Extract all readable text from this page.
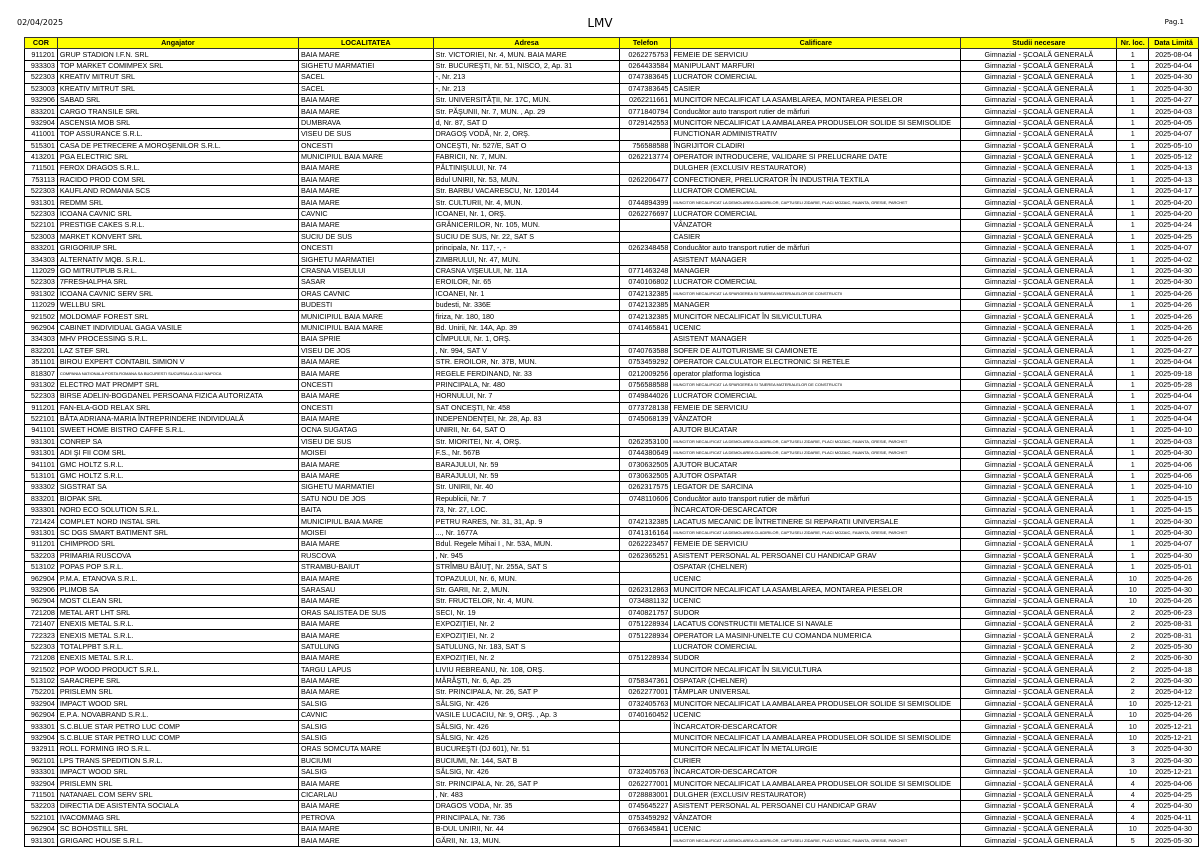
02/04/2025	LMV	Pag.1
COR	Angajator	LOCALITATEA	Adresa	Telefon	Calificare	Studii necesare	Nr. loc.	Data Limită
911201	GRUP STADION I.F.N. SRL	BAIA MARE	Str. VICTORIEI, Nr. 4, MUN. BAIA MARE	0262275753	FEMEIE DE SERVICIU	Gimnazial - ŞCOALĂ GENERALĂ	1	2025-08-04
933303	TOP MARKET COMIMPEX SRL	SIGHETU MARMATIEI	Str. BUCUREŞTI, Nr. 51, NISCO, 2, Ap. 31	0264433584	MANIPULANT MARFURI	Gimnazial - ŞCOALĂ GENERALĂ	1	2025-04-04
522303	KREATIV MITRUT SRL	SACEL	-, Nr. 213	0747383645	LUCRATOR COMERCIAL	Gimnazial - ŞCOALĂ GENERALĂ	1	2025-04-30
523003	KREATIV MITRUT SRL	SACEL	-, Nr. 213	0747383645	CASIER	Gimnazial - ŞCOALĂ GENERALĂ	1	2025-04-30
932906	SABAD SRL	BAIA MARE	Str. UNIVERSITĂŢII, Nr. 17C, MUN.	0262211661	MUNCITOR NECALIFICAT LA ASAMBLAREA, MONTAREA PIESELOR	Gimnazial - ŞCOALĂ GENERALĂ	1	2025-04-27
833201	CARGO TRANSILE SRL	BAIA MARE	Str. PĂŞUNII, Nr. 7, MUN. , Ap. 29	0771840794	Conducător auto transport rutier de mărfuri	Gimnazial - ŞCOALĂ GENERALĂ	1	2025-04-03
932904	ASCENSIA MOB SRL	DUMBRAVA	d, Nr. 87, SAT D	0729142553	MUNCITOR NECALIFICAT LA AMBALAREA PRODUSELOR SOLIDE SI SEMISOLIDE	Gimnazial - ŞCOALĂ GENERALĂ	1	2025-04-05
411001	TOP ASSURANCE S.R.L.	VISEU DE SUS	DRAGOŞ VODĂ, Nr. 2, ORŞ.		FUNCTIONAR ADMINISTRATIV	Gimnazial - ŞCOALĂ GENERALĂ	1	2025-04-07
515301	CASA DE PETRECERE A MOROŞENILOR S.R.L.	ONCESTI	ONCEŞTI, Nr. 527/E, SAT O	756588588	ÎNGRIJITOR CLADIRI	Gimnazial - ŞCOALĂ GENERALĂ	1	2025-05-10
413201	PGA ELECTRIC SRL	MUNICIPIUL BAIA MARE	FABRICII, Nr. 7, MUN.	0262213774	OPERATOR INTRODUCERE, VALIDARE SI PRELUCRARE DATE	Gimnazial - ŞCOALĂ GENERALĂ	1	2025-05-12
711501	FEROX DRAGOS S.R.L.	BAIA MARE	PĂLTINIŞULUI, Nr. 74		DULGHER (EXCLUSIV RESTAURATOR)	Gimnazial - ŞCOALĂ GENERALĂ	1	2025-04-13
753113	RACIDO PROD COM SRL	BAIA MARE	Bdul UNIRII, Nr. 53, MUN.	0262206477	CONFECTIONER, PRELUCRATOR ÎN INDUSTRIA TEXTILA	Gimnazial - ŞCOALĂ GENERALĂ	1	2025-04-13
522303	KAUFLAND ROMANIA SCS	BAIA MARE	Str. BARBU VACARESCU, Nr. 120144		LUCRATOR COMERCIAL	Gimnazial - ŞCOALĂ GENERALĂ	1	2025-04-17
931301	REDMM SRL	BAIA MARE	Str. CULTURII, Nr. 4, MUN.	0744894399	MUNCITOR NECALIFICAT LA DEMOLAREA CLADIRILOR, CAPTUSELI ZIDARIE, PLACI MOZAIC, FAIANTA, GRESIE, PARCHET	Gimnazial - ŞCOALĂ GENERALĂ	1	2025-04-20
522303	ICOANA CAVNIC SRL	CAVNIC	ICOANEI, Nr. 1, ORŞ.	0262276697	LUCRATOR COMERCIAL	Gimnazial - ŞCOALĂ GENERALĂ	1	2025-04-20
522101	PRESTIGE CAKES S.R.L.	BAIA MARE	GRĂNICERILOR, Nr. 105, MUN.		VÂNZATOR	Gimnazial - ŞCOALĂ GENERALĂ	1	2025-04-24
523003	MARKET KONVERT SRL	SUCIU DE SUS	SUCIU DE SUS, Nr. 22, SAT S		CASIER	Gimnazial - ŞCOALĂ GENERALĂ	1	2025-04-25
833201	GRIGORIUP SRL	ONCESTI	principala, Nr. 117, -, -	0262348458	Conducător auto transport rutier de mărfuri	Gimnazial - ŞCOALĂ GENERALĂ	1	2025-04-07
334303	ALTERNATIV MQB. S.R.L.	SIGHETU MARMATIEI	ZIMBRULUI, Nr. 47, MUN.		ASISTENT MANAGER	Gimnazial - ŞCOALĂ GENERALĂ	1	2025-04-02
112029	GO MITRUTPUB S.R.L.	CRASNA VISEULUI	CRASNA VIŞEULUI, Nr. 11A	0771463248	MANAGER	Gimnazial - ŞCOALĂ GENERALĂ	1	2025-04-30
522303	7FRESHALPHA SRL	SASAR	EROILOR, Nr. 65	0740106802	LUCRATOR COMERCIAL	Gimnazial - ŞCOALĂ GENERALĂ	1	2025-04-30
931302	ICOANA CAVNIC SERV SRL	ORAS CAVNIC	ICOANEI, Nr. 1	0742132385	MUNCITOR NECALIFICAT LA SPARGEREA SI TAIEREA MATERIALELOR DE CONSTRUCTII	Gimnazial - ŞCOALĂ GENERALĂ	1	2025-04-26
112029	WELLBU SRL	BUDESTI	budesti, Nr. 336E	0742132385	MANAGER	Gimnazial - ŞCOALĂ GENERALĂ	1	2025-04-26
921502	MOLDOMAF FOREST SRL	MUNICIPIUL BAIA MARE	firiza, Nr. 180, 180	0742132385	MUNCITOR NECALIFICAT ÎN SILVICULTURA	Gimnazial - ŞCOALĂ GENERALĂ	1	2025-04-26
962904	CABINET INDIVIDUAL GAGA VASILE	MUNICIPIUL BAIA MARE	Bd. Unirii, Nr. 14A, Ap. 39	0741465841	UCENIC	Gimnazial - ŞCOALĂ GENERALĂ	1	2025-04-26
334303	MHV PROCESSING S.R.L.	BAIA SPRIE	CÎMPULUI, Nr. 1, ORŞ.		ASISTENT MANAGER	Gimnazial - ŞCOALĂ GENERALĂ	1	2025-04-26
832201	LAZ STEF SRL	VISEU DE JOS	, Nr. 994, SAT V	0740763588	SOFER DE AUTOTURISME SI CAMIONETE	Gimnazial - ŞCOALĂ GENERALĂ	1	2025-04-27
351101	BIROU EXPERT CONTABIL SIMION V	BAIA MARE	STR. EROILOR, Nr. 37B, MUN.	0753459292	OPERATOR CALCULATOR ELECTRONIC SI RETELE	Gimnazial - ŞCOALĂ GENERALĂ	1	2025-04-04
818307	COMPANIA NATIONALA POSTA ROMANA SA BUCURESTI SUCURSALA CLUJ NAPOCA	BAIA MARE	REGELE FERDINAND, Nr. 33	0212009256	operator platforma logistica	Gimnazial - ŞCOALĂ GENERALĂ	1	2025-09-18
931302	ELECTRO MAT PROMPT SRL	ONCESTI	PRINCIPALA, Nr. 480	0756588588	MUNCITOR NECALIFICAT LA SPARGEREA SI TAIEREA MATERIALELOR DE CONSTRUCTII	Gimnazial - ŞCOALĂ GENERALĂ	1	2025-05-28
522303	BIRSE ADELIN-BOGDANEL PERSOANA FIZICA AUTORIZATA	BAIA MARE	HORNULUI, Nr. 7	0749844026	LUCRATOR COMERCIAL	Gimnazial - ŞCOALĂ GENERALĂ	1	2025-04-04
911201	FAN-ELA-GOD RELAX SRL	ONCESTI	SAT ONCEŞTI, Nr. 458	0773728138	FEMEIE DE SERVICIU	Gimnazial - ŞCOALĂ GENERALĂ	1	2025-04-07
522101	BĂTA ADRIANA-MARIA ÎNTREPRINDERE INDIVIDUALĂ	BAIA MARE	INDEPENDENŢEI, Nr. 28, Ap. 83	0745068139	VÂNZATOR	Gimnazial - ŞCOALĂ GENERALĂ	1	2025-04-04
941101	SWEET HOME BISTRO CAFFE S.R.L.	OCNA SUGATAG	UNIRII, Nr. 64, SAT O		AJUTOR BUCATAR	Gimnazial - ŞCOALĂ GENERALĂ	1	2025-04-10
931301	CONREP SA	VISEU DE SUS	Str. MIORITEI, Nr. 4, ORŞ.	0262353100	MUNCITOR NECALIFICAT LA DEMOLAREA CLADIRILOR, CAPTUSELI ZIDARIE, PLACI MOZAIC, FAIANTA, GRESIE, PARCHET	Gimnazial - ŞCOALĂ GENERALĂ	1	2025-04-03
931301	ADI ŞI FII COM SRL	MOISEI	F.S., Nr. 567B	0744380649	MUNCITOR NECALIFICAT LA DEMOLAREA CLADIRILOR, CAPTUSELI ZIDARIE, PLACI MOZAIC, FAIANTA, GRESIE, PARCHET	Gimnazial - ŞCOALĂ GENERALĂ	1	2025-04-30
941101	GMC HOLTZ S.R.L.	BAIA MARE	BARAJULUI, Nr. 59	0730632505	AJUTOR BUCATAR	Gimnazial - ŞCOALĂ GENERALĂ	1	2025-04-06
513101	GMC HOLTZ S.R.L.	BAIA MARE	BARAJULUI, Nr. 59	0730632505	AJUTOR OSPATAR	Gimnazial - ŞCOALĂ GENERALĂ	1	2025-04-06
933302	SIGSTRAT SA	SIGHETU MARMATIEI	Str. UNIRII, Nr. 40	0262317575	LEGATOR DE SARCINA	Gimnazial - ŞCOALĂ GENERALĂ	1	2025-04-10
833201	BIOPAK SRL	SATU NOU DE JOS	Republicii, Nr. 7	0748110606	Conducător auto transport rutier de mărfuri	Gimnazial - ŞCOALĂ GENERALĂ	1	2025-04-15
933301	NORD ECO SOLUTION S.R.L.	BAITA	73, Nr. 27, LOC.		ÎNCARCATOR-DESCARCATOR	Gimnazial - ŞCOALĂ GENERALĂ	1	2025-04-15
721424	COMPLET NORD INSTAL SRL	MUNICIPIUL BAIA MARE	PETRU RARES, Nr. 31, 31, Ap. 9	0742132385	LACATUS MECANIC DE ÎNTRETINERE SI REPARATII UNIVERSALE	Gimnazial - ŞCOALĂ GENERALĂ	1	2025-04-30
931301	SC DGS SMART BATIMENT SRL	MOISEI	..., Nr. 1677A	0741316164	MUNCITOR NECALIFICAT LA DEMOLAREA CLADIRILOR, CAPTUSELI ZIDARIE, PLACI MOZAIC, FAIANTA, GRESIE, PARCHET	Gimnazial - ŞCOALĂ GENERALĂ	1	2025-04-30
911201	CHIMPROD SRL	BAIA MARE	Bdul. Regele Mihai I , Nr. 53A, MUN.	0262223457	FEMEIE DE SERVICIU	Gimnazial - ŞCOALĂ GENERALĂ	1	2025-04-07
532203	PRIMARIA RUSCOVA	RUSCOVA	, Nr. 945	0262365251	ASISTENT PERSONAL AL PERSOANEI CU HANDICAP GRAV	Gimnazial - ŞCOALĂ GENERALĂ	1	2025-04-30
513102	POPAS POP S.R.L.	STRAMBU-BAIUT	STRÎMBU BĂIUŢ, Nr. 255A, SAT S		OSPATAR (CHELNER)	Gimnazial - ŞCOALĂ GENERALĂ	1	2025-05-01
962904	P.M.A. ETANOVA S.R.L.	BAIA MARE	TOPAZULUI, Nr. 6, MUN.		UCENIC	Gimnazial - ŞCOALĂ GENERALĂ	10	2025-04-26
932906	PLIMOB SA	SARASAU	Str. GARII, Nr. 2, MUN.	0262312863	MUNCITOR NECALIFICAT LA ASAMBLAREA, MONTAREA PIESELOR	Gimnazial - ŞCOALĂ GENERALĂ	10	2025-04-30
962904	MOST CLEAN SRL	BAIA MARE	Str. FRUCTELOR, Nr. 4, MUN.	0734881132	UCENIC	Gimnazial - ŞCOALĂ GENERALĂ	10	2025-04-26
721208	METAL ART LHT SRL	ORAS SALISTEA DE SUS	SECI, Nr. 19	0740821757	SUDOR	Gimnazial - ŞCOALĂ GENERALĂ	2	2025-06-23
721407	ENEXIS METAL S.R.L.	BAIA MARE	EXPOZIŢIEI, Nr. 2	0751228934	LACATUS CONSTRUCTII METALICE SI NAVALE	Gimnazial - ŞCOALĂ GENERALĂ	2	2025-08-31
722323	ENEXIS METAL S.R.L.	BAIA MARE	EXPOZIŢIEI, Nr. 2	0751228934	OPERATOR LA MASINI-UNELTE CU COMANDA NUMERICA	Gimnazial - ŞCOALĂ GENERALĂ	2	2025-08-31
522303	TOTALPPBT S.R.L.	SATULUNG	SATULUNG, Nr. 183, SAT S		LUCRATOR COMERCIAL	Gimnazial - ŞCOALĂ GENERALĂ	2	2025-05-30
721208	ENEXIS METAL S.R.L.	BAIA MARE	EXPOZIŢIEI, Nr. 2	0751228934	SUDOR	Gimnazial - ŞCOALĂ GENERALĂ	2	2025-06-30
921502	POP WOOD PRODUCT S.R.L.	TARGU LAPUS	LIVIU REBREANU, Nr. 108, ORŞ.		MUNCITOR NECALIFICAT ÎN SILVICULTURA	Gimnazial - ŞCOALĂ GENERALĂ	2	2025-04-18
513102	SARACREPE SRL	BAIA MARE	MĂRĂŞTI, Nr. 6, Ap. 25	0758347361	OSPATAR (CHELNER)	Gimnazial - ŞCOALĂ GENERALĂ	2	2025-04-30
752201	PRISLEMN SRL	BAIA MARE	Str. PRINCIPALA, Nr. 26, SAT P	0262277001	TÂMPLAR UNIVERSAL	Gimnazial - ŞCOALĂ GENERALĂ	2	2025-04-12
932904	IMPACT WOOD SRL	SALSIG	SĂLSIG, Nr. 426	0732405763	MUNCITOR NECALIFICAT LA AMBALAREA PRODUSELOR SOLIDE SI SEMISOLIDE	Gimnazial - ŞCOALĂ GENERALĂ	10	2025-12-21
962904	E.P.A. NOVABRAND S.R.L.	CAVNIC	VASILE LUCACIU, Nr. 9, ORŞ. , Ap. 3	0740160452	UCENIC	Gimnazial - ŞCOALĂ GENERALĂ	10	2025-04-26
933301	S.C.BLUE STAR PETRO LUC COMP	SALSIG	SĂLSIG, Nr. 426		ÎNCARCATOR-DESCARCATOR	Gimnazial - ŞCOALĂ GENERALĂ	10	2025-12-21
932904	S.C.BLUE STAR PETRO LUC COMP	SALSIG	SĂLSIG, Nr. 426		MUNCITOR NECALIFICAT LA AMBALAREA PRODUSELOR SOLIDE SI SEMISOLIDE	Gimnazial - ŞCOALĂ GENERALĂ	10	2025-12-21
932911	ROLL FORMING IRO S.R.L.	ORAS SOMCUTA MARE	BUCUREŞTI (DJ 601), Nr. 51		MUNCITOR NECALIFICAT ÎN METALURGIE	Gimnazial - ŞCOALĂ GENERALĂ	3	2025-04-30
962101	LPS TRANS SPEDITION S.R.L.	BUCIUMI	BUCIUMI, Nr. 144, SAT B		CURIER	Gimnazial - ŞCOALĂ GENERALĂ	3	2025-04-30
933301	IMPACT WOOD SRL	SALSIG	SĂLSIG, Nr. 426	0732405763	ÎNCARCATOR-DESCARCATOR	Gimnazial - ŞCOALĂ GENERALĂ	10	2025-12-21
932904	PRISLEMN SRL	BAIA MARE	Str. PRINCIPALA, Nr. 26, SAT P	0262277001	MUNCITOR NECALIFICAT LA AMBALAREA PRODUSELOR SOLIDE SI SEMISOLIDE	Gimnazial - ŞCOALĂ GENERALĂ	4	2025-04-06
711501	NATANAEL COM SERV SRL	CICARLAU	, Nr. 483	0728883001	DULGHER (EXCLUSIV RESTAURATOR)	Gimnazial - ŞCOALĂ GENERALĂ	4	2025-04-25
532203	DIRECTIA DE ASISTENTA SOCIALA	BAIA MARE	DRAGOS VODA, Nr. 35	0745645227	ASISTENT PERSONAL AL PERSOANEI CU HANDICAP GRAV	Gimnazial - ŞCOALĂ GENERALĂ	4	2025-04-30
522101	IVACOMMAG SRL	PETROVA	PRINCIPALA, Nr. 736	0753459292	VÂNZATOR	Gimnazial - ŞCOALĂ GENERALĂ	4	2025-04-11
962904	SC BOHOSTILL SRL	BAIA MARE	B-DUL UNIRII, Nr. 44	0766345841	UCENIC	Gimnazial - ŞCOALĂ GENERALĂ	10	2025-04-30
931301	GRIGARC HOUSE S.R.L.	BAIA MARE	GĂRII, Nr. 13, MUN.		MUNCITOR NECALIFICAT LA DEMOLAREA CLADIRILOR, CAPTUSELI ZIDARIE, PLACI MOZAIC, FAIANTA, GRESIE, PARCHET	Gimnazial - ŞCOALĂ GENERALĂ	5	2025-05-30
